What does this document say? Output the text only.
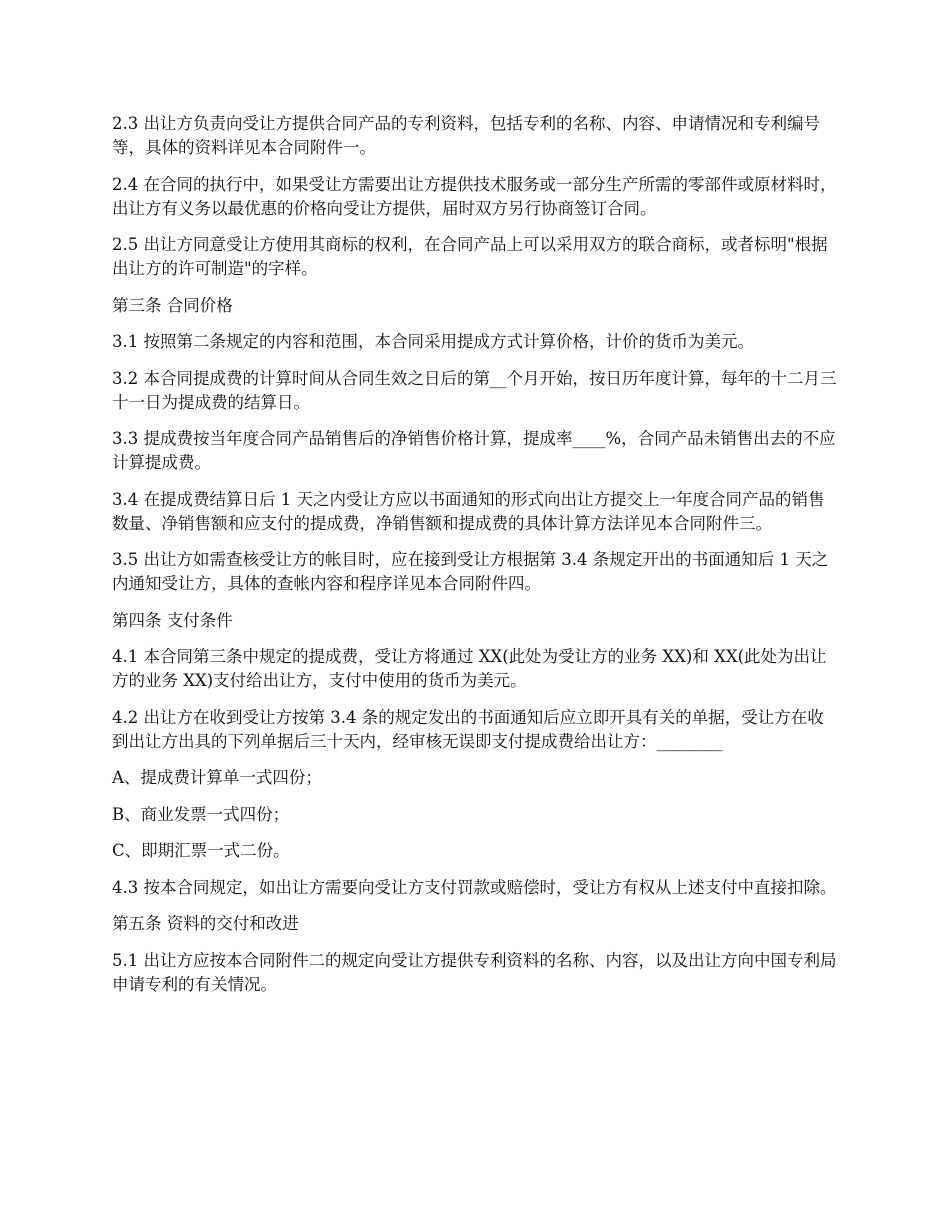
2.3 出让方负责向受让方提供合同产品的专利资料，包括专利的名称、内容、申请情况和专利编号等，具体的资料详见本合同附件一。

2.4 在合同的执行中，如果受让方需要出让方提供技术服务或一部分生产所需的零部件或原材料时，出让方有义务以最优惠的价格向受让方提供，届时双方另行协商签订合同。

2.5 出让方同意受让方使用其商标的权利，在合同产品上可以采用双方的联合商标，或者标明"根据出让方的许可制造"的字样。

第三条 合同价格

3.1 按照第二条规定的内容和范围，本合同采用提成方式计算价格，计价的货币为美元。

3.2 本合同提成费的计算时间从合同生效之日后的第__个月开始，按日历年度计算，每年的十二月三十一日为提成费的结算日。

3.3 提成费按当年度合同产品销售后的净销售价格计算，提成率____%，合同产品未销售出去的不应计算提成费。

3.4 在提成费结算日后 1 天之内受让方应以书面通知的形式向出让方提交上一年度合同产品的销售数量、净销售额和应支付的提成费，净销售额和提成费的具体计算方法详见本合同附件三。

3.5 出让方如需查核受让方的帐目时，应在接到受让方根据第 3.4 条规定开出的书面通知后 1 天之内通知受让方，具体的查帐内容和程序详见本合同附件四。

第四条 支付条件

4.1 本合同第三条中规定的提成费，受让方将通过 XX(此处为受让方的业务 XX)和 XX(此处为出让方的业务 XX)支付给出让方，支付中使用的货币为美元。

4.2 出让方在收到受让方按第 3.4 条的规定发出的书面通知后应立即开具有关的单据，受让方在收到出让方出具的下列单据后三十天内，经审核无误即支付提成费给出让方：________

A、提成费计算单一式四份；

B、商业发票一式四份；

C、即期汇票一式二份。

4.3 按本合同规定，如出让方需要向受让方支付罚款或赔偿时，受让方有权从上述支付中直接扣除。

第五条 资料的交付和改进

5.1 出让方应按本合同附件二的规定向受让方提供专利资料的名称、内容，以及出让方向中国专利局申请专利的有关情况。
